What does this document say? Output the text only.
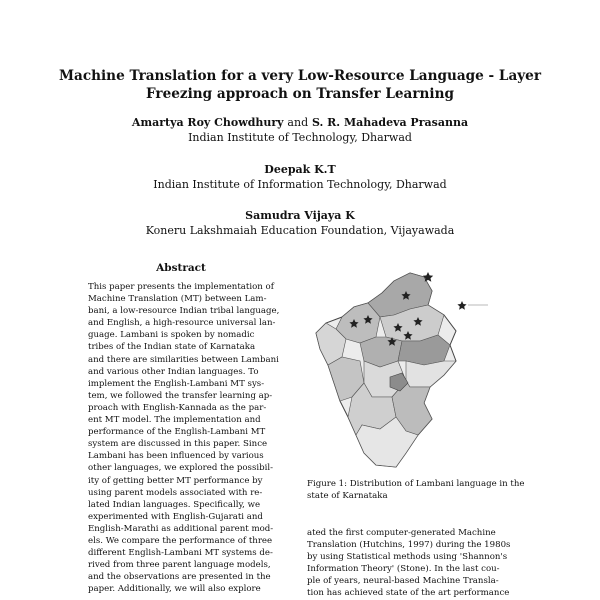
Machine Translation for a very Low-Resource Language - Layer
Freezing approach on Transfer Learning
Amartya Roy Chowdhury and S. R. Mahadeva Prasanna
Indian Institute of Technology, Dharwad
Deepak K.T
Indian Institute of Information Technology, Dharwad
Samudra Vijaya K
Koneru Lakshmaiah Education Foundation, Vijayawada
Abstract
This paper presents the implementation of
Machine Translation (MT) between Lam-
bani, a low-resource Indian tribal language,
and English, a high-resource universal lan-
guage. Lambani is spoken by nomadic
tribes of the Indian state of Karnataka
and there are similarities between Lambani
and various other Indian languages. To
implement the English-Lambani MT sys-
tem, we followed the transfer learning ap-
proach with English-Kannada as the par-
ent MT model. The implementation and
performance of the English-Lambani MT
system are discussed in this paper. Since
Lambani has been influenced by various
other languages, we explored the possibil-
ity of getting better MT performance by
using parent models associated with re-
lated Indian languages. Specifically, we
experimented with English-Gujarati and
English-Marathi as additional parent mod-
els. We compare the performance of three
different English-Lambani MT systems de-
rived from three parent language models,
and the observations are presented in the
paper. Additionally, we will also explore
Figure 1: Distribution of Lambani language in the
state of Karnataka
ated the first computer-generated Machine
Translation (Hutchins, 1997) during the 1980s
by using Statistical methods using 'Shannon's
Information Theory' (Stone). In the last cou-
ple of years, neural-based Machine Transla-
tion has achieved state of the art performance
